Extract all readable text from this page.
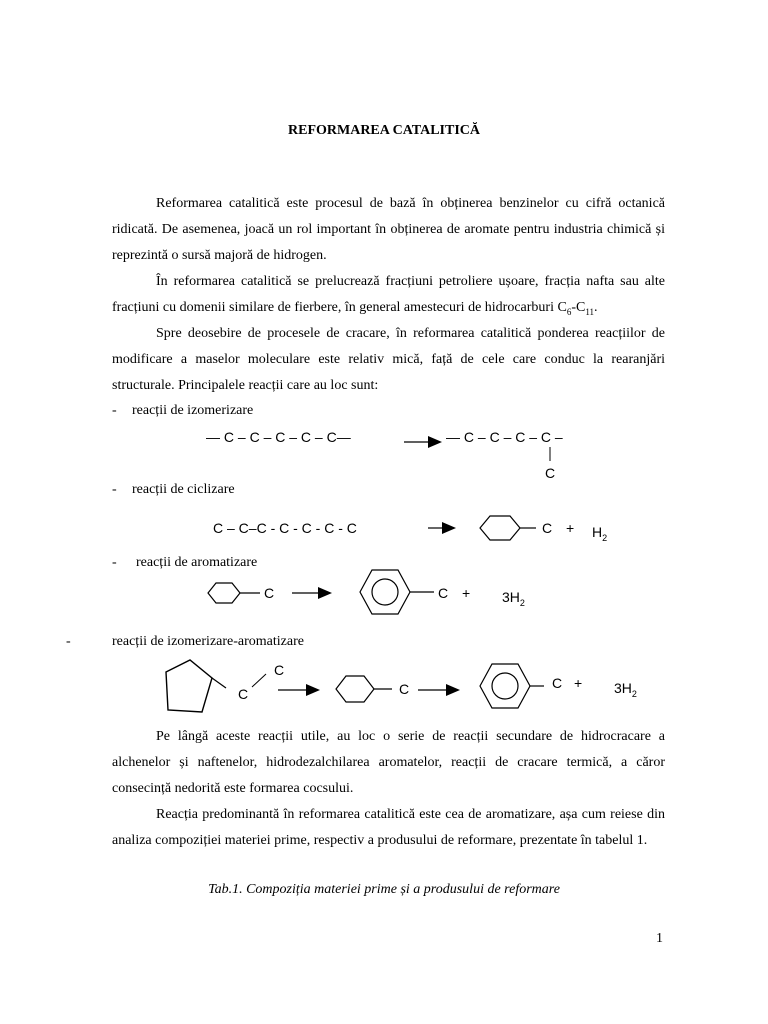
REFORMAREA CATALITICĂ
Reformarea catalitică este procesul de bază în obținerea benzinelor cu cifră octanică ridicată. De asemenea, joacă un rol important în obținerea de aromate pentru industria chimică și reprezintă o sursă majoră de hidrogen.
În reformarea catalitică se prelucrează fracțiuni petroliere ușoare, fracția nafta sau alte fracțiuni cu domenii similare de fierbere, în general amestecuri de hidrocarburi $C_6-C_{11}$.
Spre deosebire de procesele de cracare, în reformarea catalitică ponderea reacțiilor de modificare a maselor moleculare este relativ mică, față de cele care conduc la rearanjări structurale. Principalele reacții care au loc sunt:
- reacții de izomerizare
— C – C – C – C – C—	→ — C – C – C – C –
C
- reacții de ciclizare
C – C–C - C - C - C - C	$C + H_2$
- reacții de aromatizare
C →	$C + 3H_2$
-	reacții de izomerizare-aromatizare
C
C
C →	$C + 3H_2$
Pe lângă aceste reacții utile, au loc o serie de reacții secundare de hidrocracare a alchenelor și naftenelor, hidrodezalchilarea aromatelor, reacții de cracare termică, a căror consecință nedorită este formarea cocsului.
Reacția predominantă în reformarea catalitică este cea de aromatizare, așa cum reiese din analiza compoziției materiei prime, respectiv a produsului de reformare, prezentate în tabelul 1.
Tab.1. Compoziția materiei prime și a produsului de reformare
1
